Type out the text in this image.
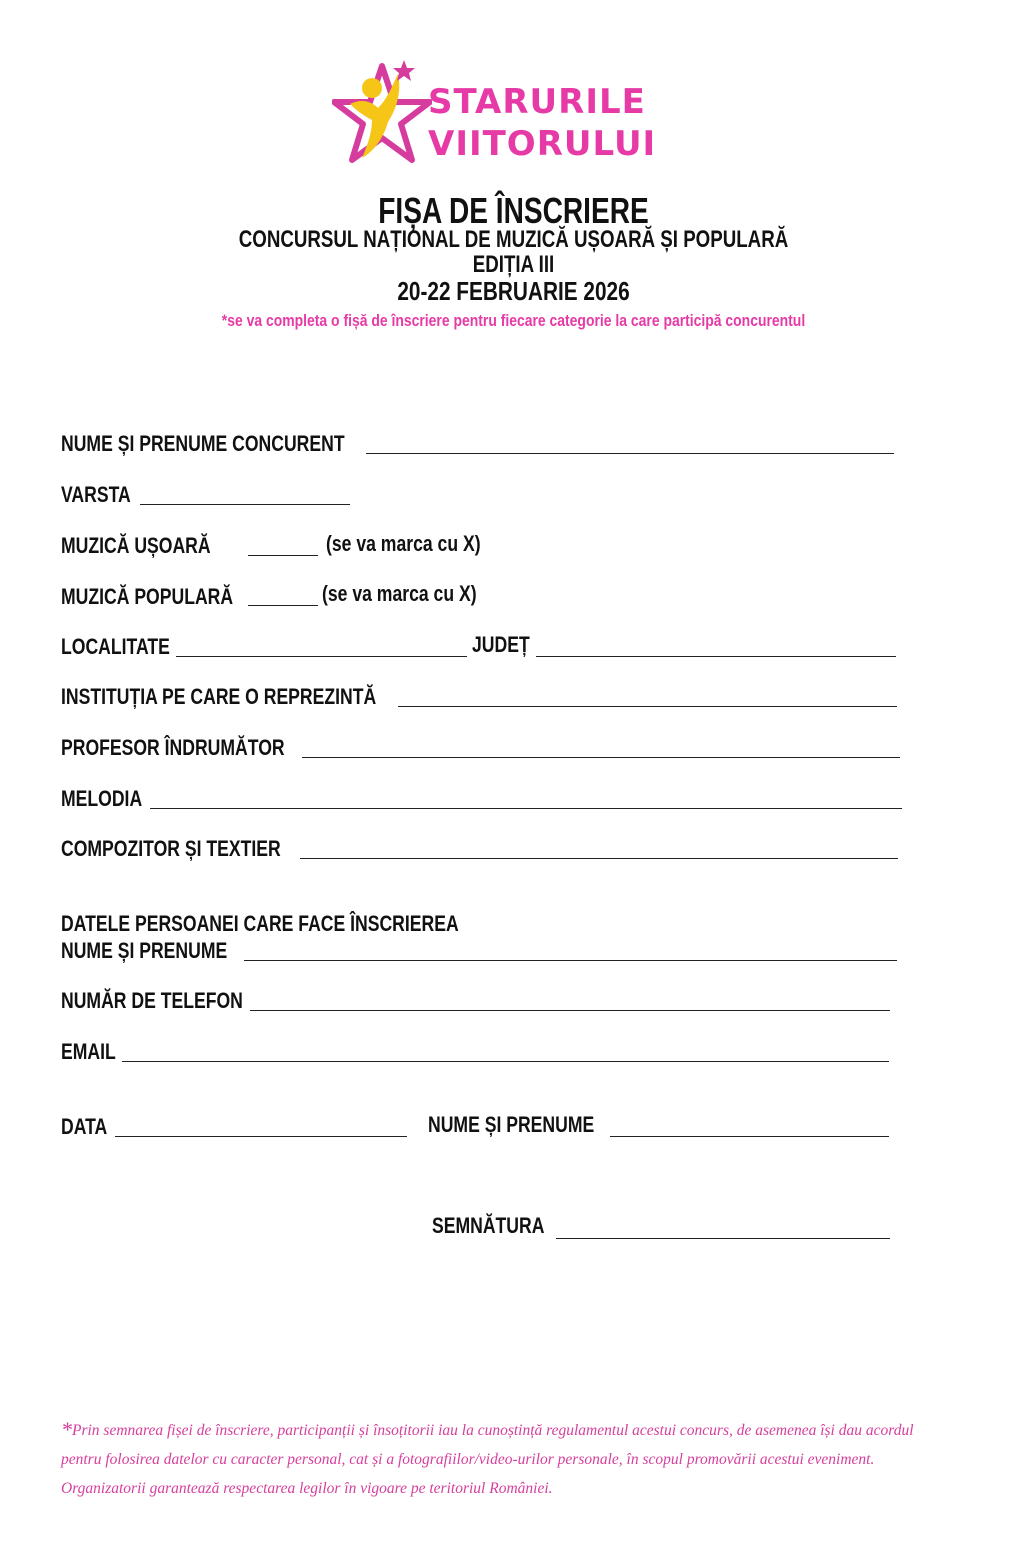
STARURILE
VIITORULUI
FIȘA DE ÎNSCRIERE
CONCURSUL NAȚIONAL DE MUZICĂ UȘOARĂ ȘI POPULARĂ
EDIȚIA III
20-22 FEBRUARIE 2026
*se va completa o fișă de înscriere pentru fiecare categorie la care participă concurentul
NUME ȘI PRENUME CONCURENT
VARSTA
MUZICĂ UȘOARĂ	(se va marca cu X)
MUZICĂ POPULARĂ	(se va marca cu X)
LOCALITATE	JUDEȚ
INSTITUȚIA PE CARE O REPREZINTĂ
PROFESOR ÎNDRUMĂTOR
MELODIA
COMPOZITOR ȘI TEXTIER
DATELE PERSOANEI CARE FACE ÎNSCRIEREA
NUME ȘI PRENUME
NUMĂR DE TELEFON
EMAIL
DATA	NUME ȘI PRENUME
SEMNĂTURA
*Prin semnarea fișei de înscriere, participanții și însoțitorii iau la cunoștință regulamentul acestui concurs, de asemenea își dau acordul pentru folosirea datelor cu caracter personal, cat și a fotografiilor/video-urilor personale, în scopul promovării acestui eveniment. Organizatorii garantează respectarea legilor în vigoare pe teritoriul României.
